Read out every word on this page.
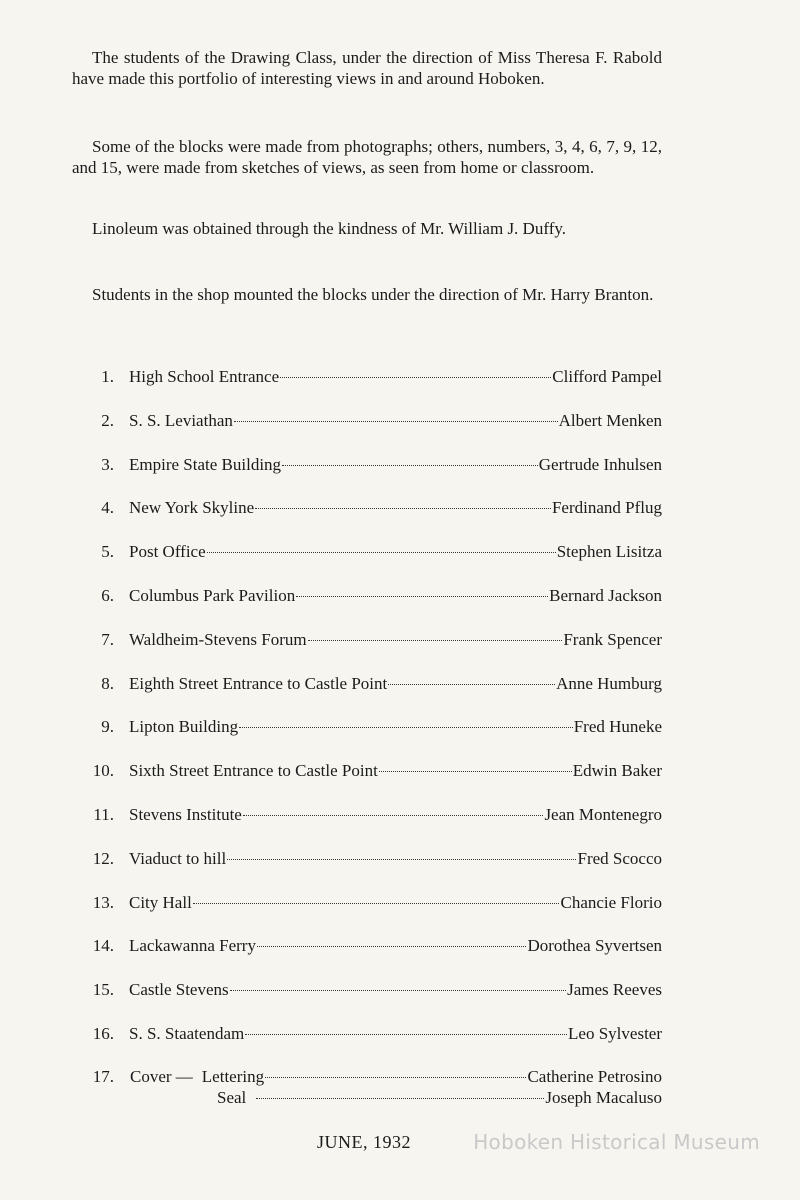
The students of the Drawing Class, under the direction of Miss Theresa F. Rabold have made this portfolio of interesting views in and around Hoboken.

Some of the blocks were made from photographs; others, numbers, 3, 4, 6, 7, 9, 12, and 15, were made from sketches of views, as seen from home or classroom.

Linoleum was obtained through the kindness of Mr. William J. Duffy.

Students in the shop mounted the blocks under the direction of Mr. Harry Branton.

1. High School Entrance	Clifford Pampel
2. S. S. Leviathan	Albert Menken
3. Empire State Building	Gertrude Inhulsen
4. New York Skyline	Ferdinand Pflug
5. Post Office	Stephen Lisitza
6. Columbus Park Pavilion	Bernard Jackson
7. Waldheim-Stevens Forum	Frank Spencer
8. Eighth Street Entrance to Castle Point	Anne Humburg
9. Lipton Building	Fred Huneke
10. Sixth Street Entrance to Castle Point	Edwin Baker
11. Stevens Institute	Jean Montenegro
12. Viaduct to hill	Fred Scocco
13. City Hall	Chancie Florio
14. Lackawanna Ferry	Dorothea Syvertsen
15. Castle Stevens	James Reeves
16. S. S. Staatendam	Leo Sylvester
17. Cover — Lettering	Catherine Petrosino
Seal	Joseph Macaluso
JUNE, 1932	Hoboken Historical Museum
